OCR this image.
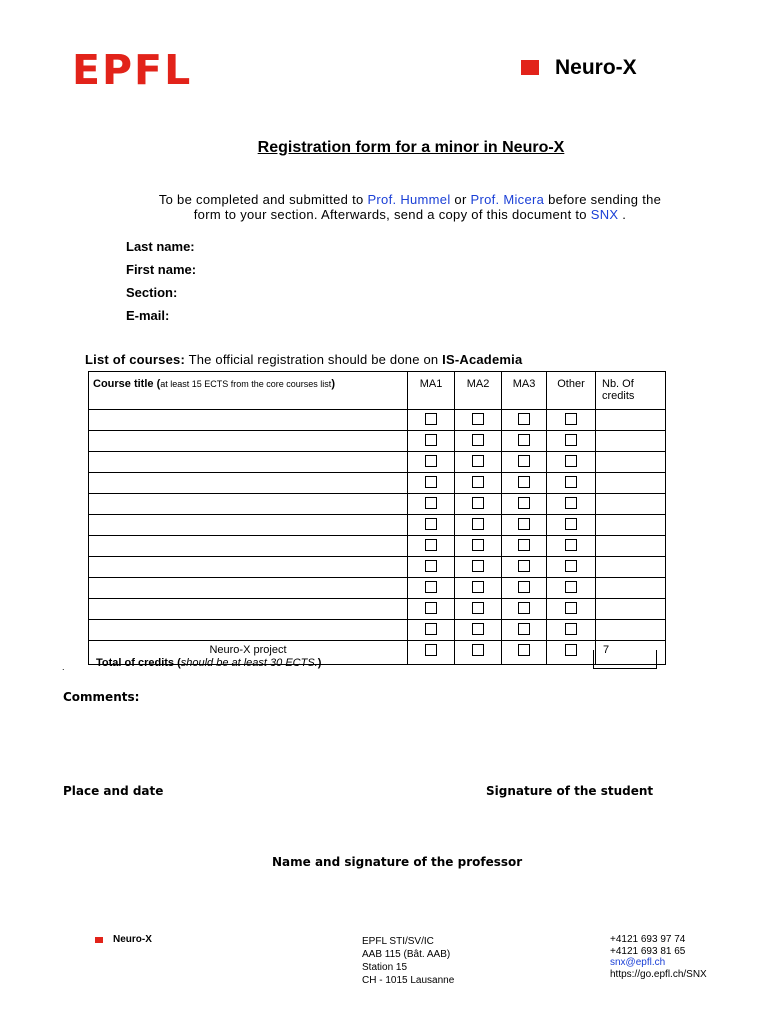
EPFL	Neuro-X
Registration form for a minor in Neuro-X
To be completed and submitted to Prof. Hummel or Prof. Micera before sending the
form to your section. Afterwards, send a copy of this document to SNX .
Last name:
First name:
Section:
E-mail:
List of courses: The official registration should be done on IS-Academia
Course title (at least 15 ECTS from the core courses list)	MA1	MA2	MA3	Other	Nb. Of credits

Neuro-X project					7
.	Total of credits (should be at least 30 ECTS.)
Comments:
Place and date	Signature of the student
Name and signature of the professor
Neuro-X	EPFL STI/SV/IC
AAB 115 (Bât. AAB)
Station 15
CH - 1015 Lausanne
+4121 693 97 74
+4121 693 81 65
snx@epfl.ch
https://go.epfl.ch/SNX
